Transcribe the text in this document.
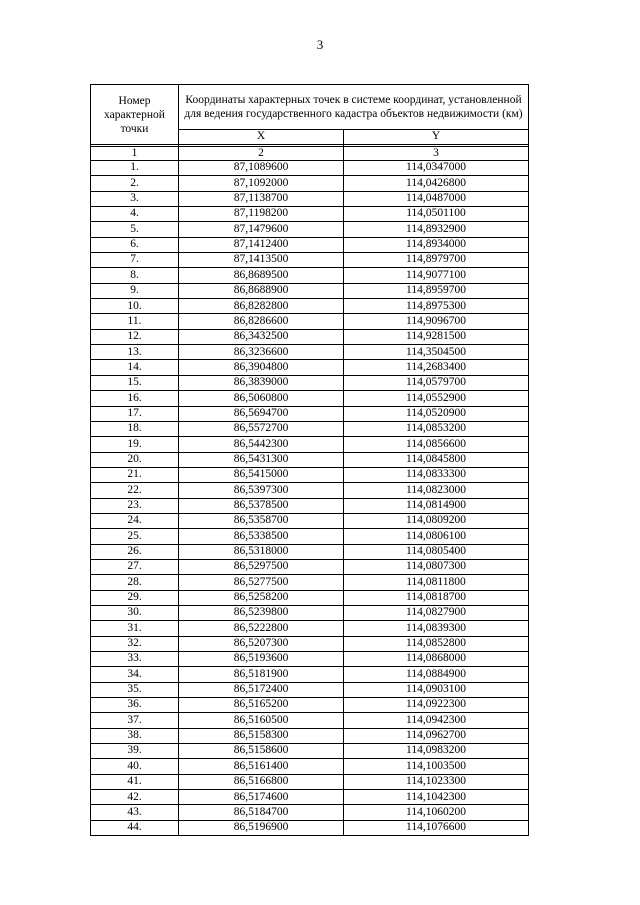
3
Номер характерной точки	Координаты характерных точек в системе координат, установленной для ведения государственного кадастра объектов недвижимости (км)	
	X	Y

1	2	3
1.	87,1089600	114,0347000
2.	87,1092000	114,0426800
3.	87,1138700	114,0487000
4.	87,1198200	114,0501100
5.	87,1479600	114,8932900
6.	87,1412400	114,8934000
7.	87,1413500	114,8979700
8.	86,8689500	114,9077100
9.	86,8688900	114,8959700
10.	86,8282800	114,8975300
11.	86,8286600	114,9096700
12.	86,3432500	114,9281500
13.	86,3236600	114,3504500
14.	86,3904800	114,2683400
15.	86,3839000	114,0579700
16.	86,5060800	114,0552900
17.	86,5694700	114,0520900
18.	86,5572700	114,0853200
19.	86,5442300	114,0856600
20.	86,5431300	114,0845800
21.	86,5415000	114,0833300
22.	86,5397300	114,0823000
23.	86,5378500	114,0814900
24.	86,5358700	114,0809200
25.	86,5338500	114,0806100
26.	86,5318000	114,0805400
27.	86,5297500	114,0807300
28.	86,5277500	114,0811800
29.	86,5258200	114,0818700
30.	86,5239800	114,0827900
31.	86,5222800	114,0839300
32.	86,5207300	114,0852800
33.	86,5193600	114,0868000
34.	86,5181900	114,0884900
35.	86,5172400	114,0903100
36.	86,5165200	114,0922300
37.	86,5160500	114,0942300
38.	86,5158300	114,0962700
39.	86,5158600	114,0983200
40.	86,5161400	114,1003500
41.	86,5166800	114,1023300
42.	86,5174600	114,1042300
43.	86,5184700	114,1060200
44.	86,5196900	114,1076600
